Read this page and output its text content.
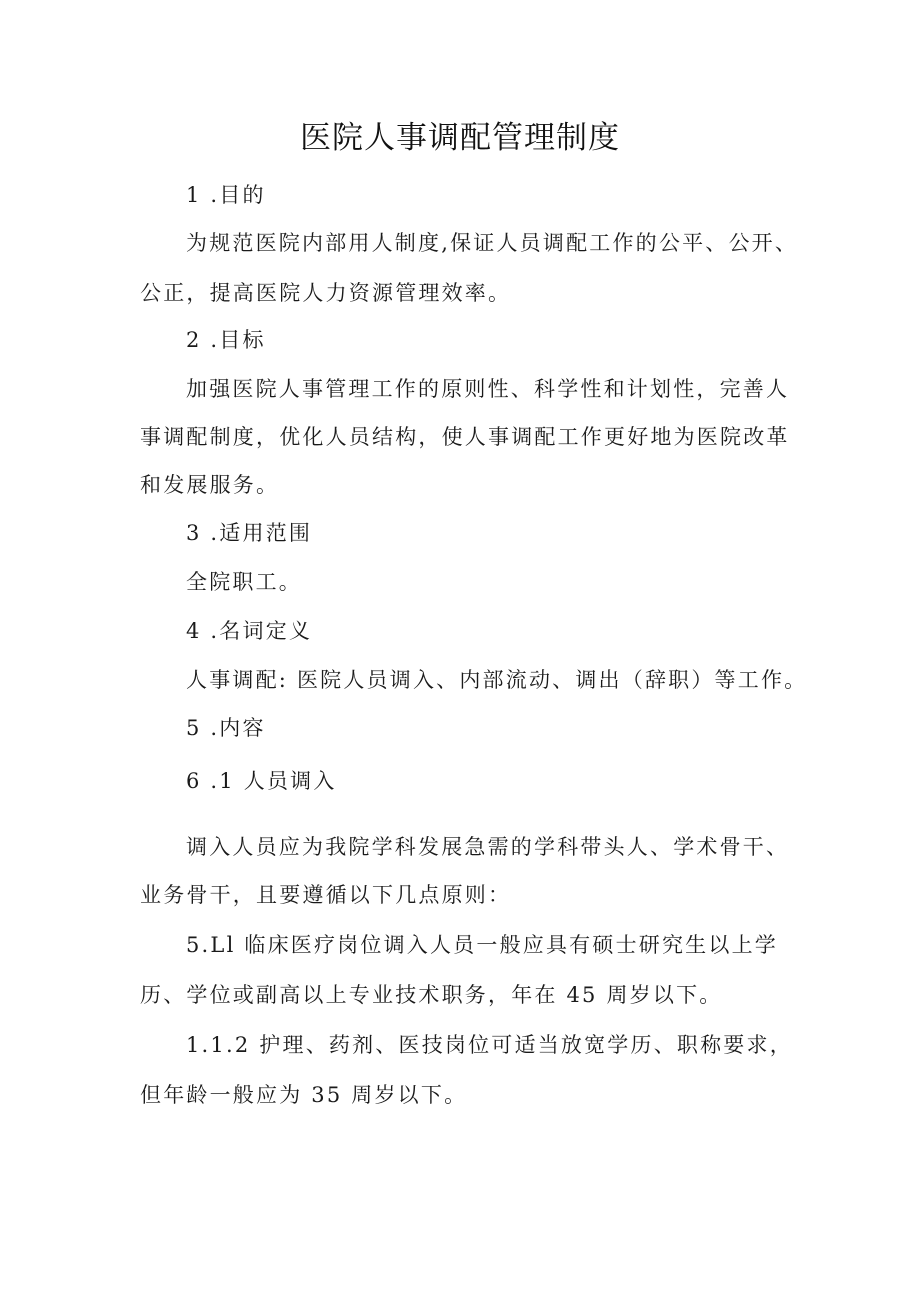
医院人事调配管理制度
1 .目的
为规范医院内部用人制度,保证人员调配工作的公平、公开、
公正，提高医院人力资源管理效率。
2 .目标
加强医院人事管理工作的原则性、科学性和计划性，完善人
事调配制度，优化人员结构，使人事调配工作更好地为医院改革
和发展服务。
3 .适用范围
全院职工。
4 .名词定义
人事调配: 医院人员调入、内部流动、调出（辞职）等工作。
5 .内容
6 .1 人员调入
调入人员应为我院学科发展急需的学科带头人、学术骨干、
业务骨干，且要遵循以下几点原则：
5.Ll 临床医疗岗位调入人员一般应具有硕士研究生以上学
历、学位或副高以上专业技术职务，年在 45 周岁以下。
1.1.2 护理、药剂、医技岗位可适当放宽学历、职称要求，
但年龄一般应为 35 周岁以下。
